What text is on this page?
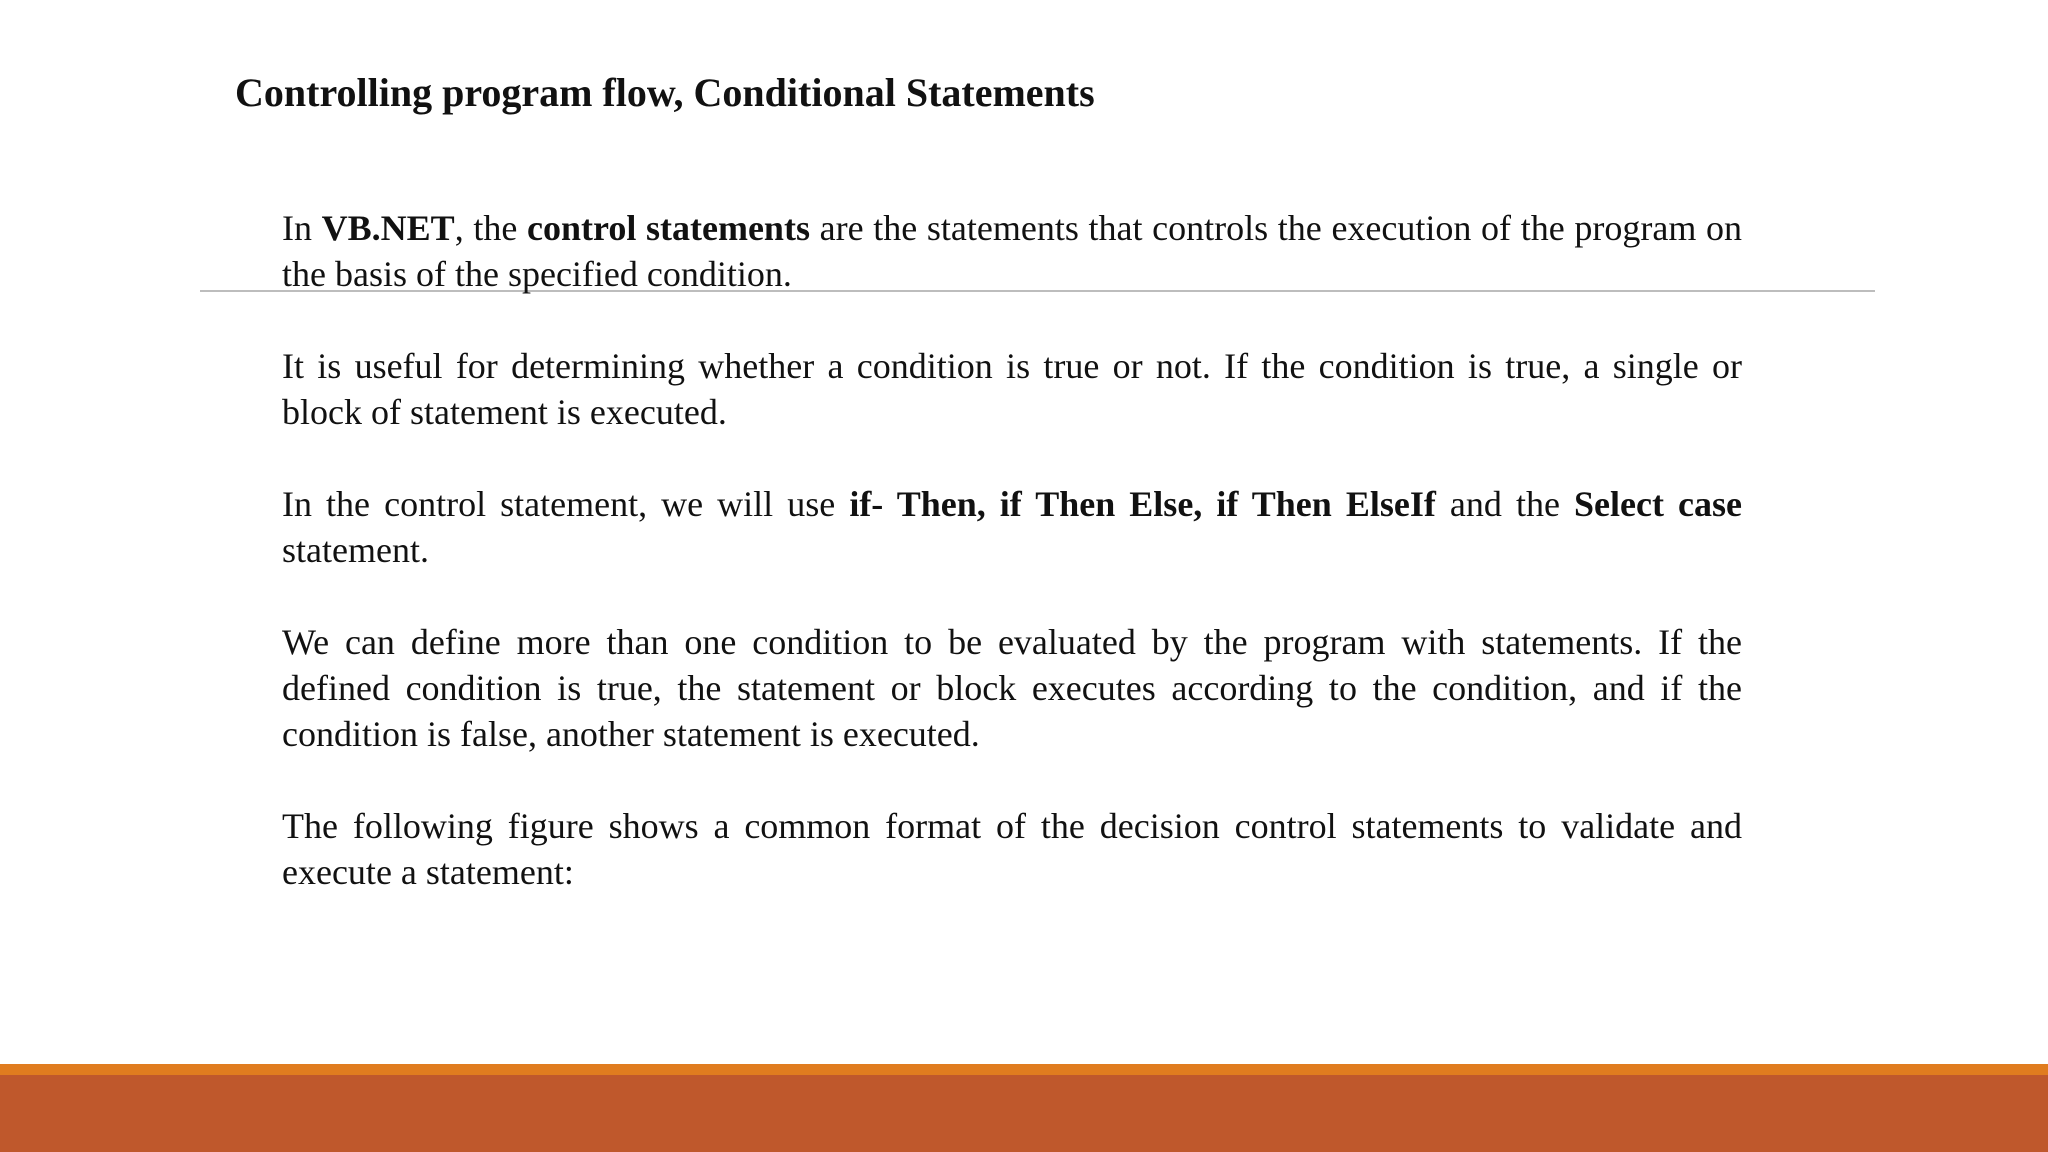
Controlling program flow, Conditional Statements

In VB.NET, the control statements are the statements that controls the execution of the program on the basis of the specified condition.

It is useful for determining whether a condition is true or not. If the condition is true, a single or block of statement is executed.

In the control statement, we will use if- Then, if Then Else, if Then ElseIf and the Select case statement.

We can define more than one condition to be evaluated by the program with statements. If the defined condition is true, the statement or block executes according to the condition, and if the condition is false, another statement is executed.

The following figure shows a common format of the decision control statements to validate and execute a statement:
